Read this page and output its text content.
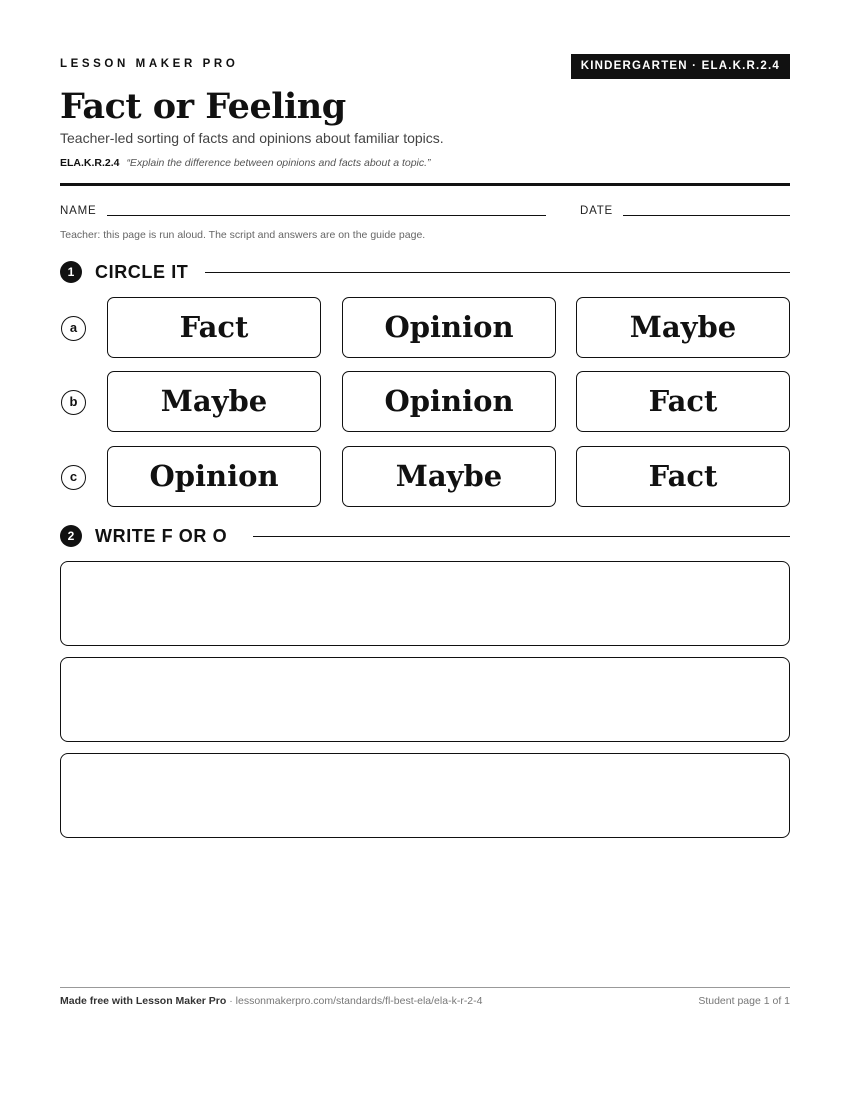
LESSON MAKER PRO	KINDERGARTEN · ELA.K.R.2.4
Fact or Feeling
Teacher-led sorting of facts and opinions about familiar topics.
ELA.K.R.2.4 “Explain the difference between opinions and facts about a topic.”
NAME	DATE
Teacher: this page is run aloud. The script and answers are on the guide page.
1	CIRCLE IT
a	Fact	Opinion	Maybe
b	Maybe	Opinion	Fact
c	Opinion	Maybe	Fact
2	WRITE F OR O
Made free with Lesson Maker Pro · lessonmakerpro.com/standards/fl-best-ela/ela-k-r-2-4	Student page 1 of 1
